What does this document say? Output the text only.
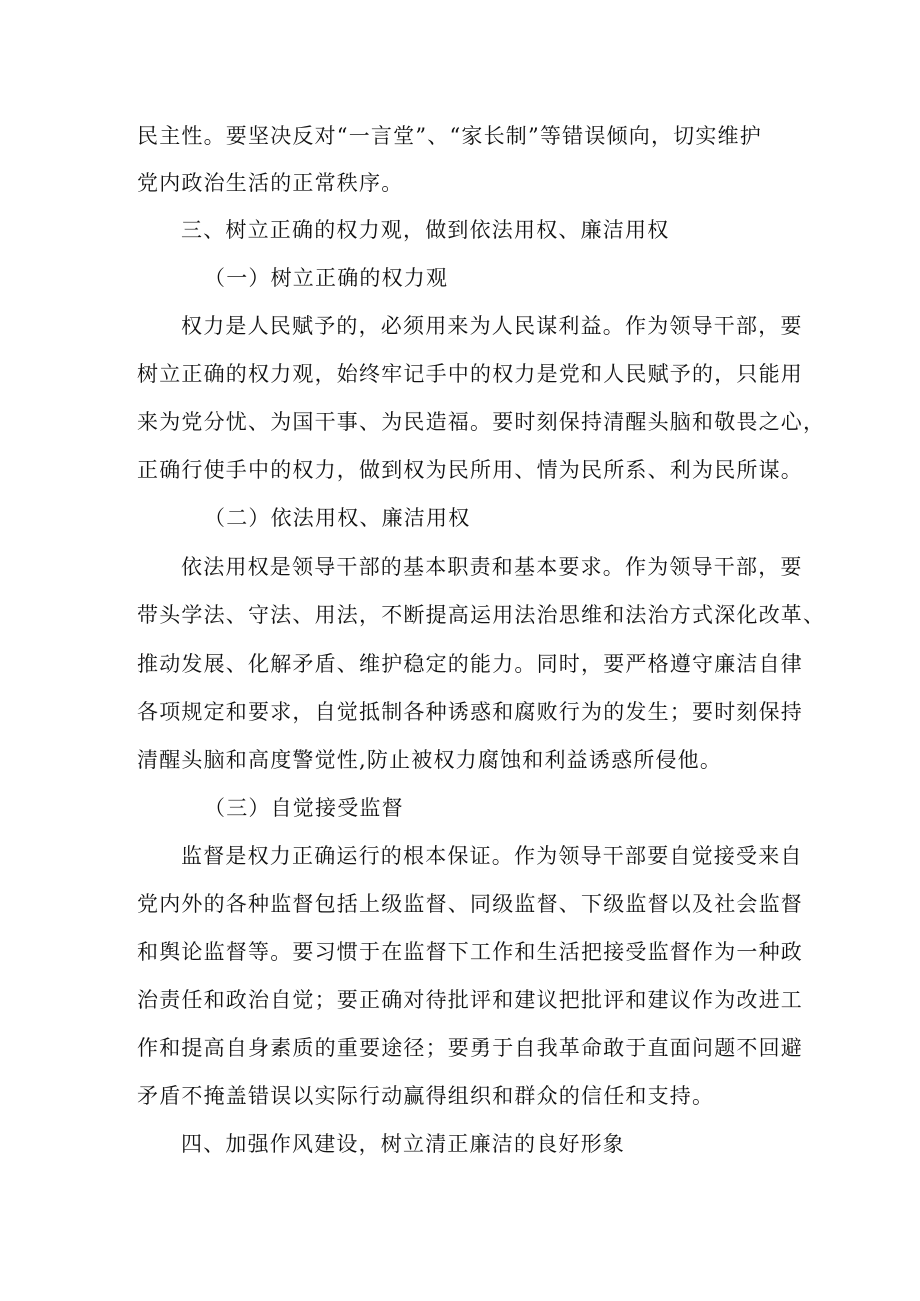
民主性。要坚决反对“一言堂”、“家长制”等错误倾向，切实维护
党内政治生活的正常秩序。
三、树立正确的权力观，做到依法用权、廉洁用权
（一）树立正确的权力观
权力是人民赋予的，必须用来为人民谋利益。作为领导干部，要
树立正确的权力观，始终牢记手中的权力是党和人民赋予的，只能用
来为党分忧、为国干事、为民造福。要时刻保持清醒头脑和敬畏之心，
正确行使手中的权力，做到权为民所用、情为民所系、利为民所谋。
（二）依法用权、廉洁用权
依法用权是领导干部的基本职责和基本要求。作为领导干部，要
带头学法、守法、用法，不断提高运用法治思维和法治方式深化改革、
推动发展、化解矛盾、维护稳定的能力。同时，要严格遵守廉洁自律
各项规定和要求，自觉抵制各种诱惑和腐败行为的发生；要时刻保持
清醒头脑和高度警觉性,防止被权力腐蚀和利益诱惑所侵他。
（三）自觉接受监督
监督是权力正确运行的根本保证。作为领导干部要自觉接受来自
党内外的各种监督包括上级监督、同级监督、下级监督以及社会监督
和舆论监督等。要习惯于在监督下工作和生活把接受监督作为一种政
治责任和政治自觉；要正确对待批评和建议把批评和建议作为改进工
作和提高自身素质的重要途径；要勇于自我革命敢于直面问题不回避
矛盾不掩盖错误以实际行动赢得组织和群众的信任和支持。
四、加强作风建设，树立清正廉洁的良好形象
